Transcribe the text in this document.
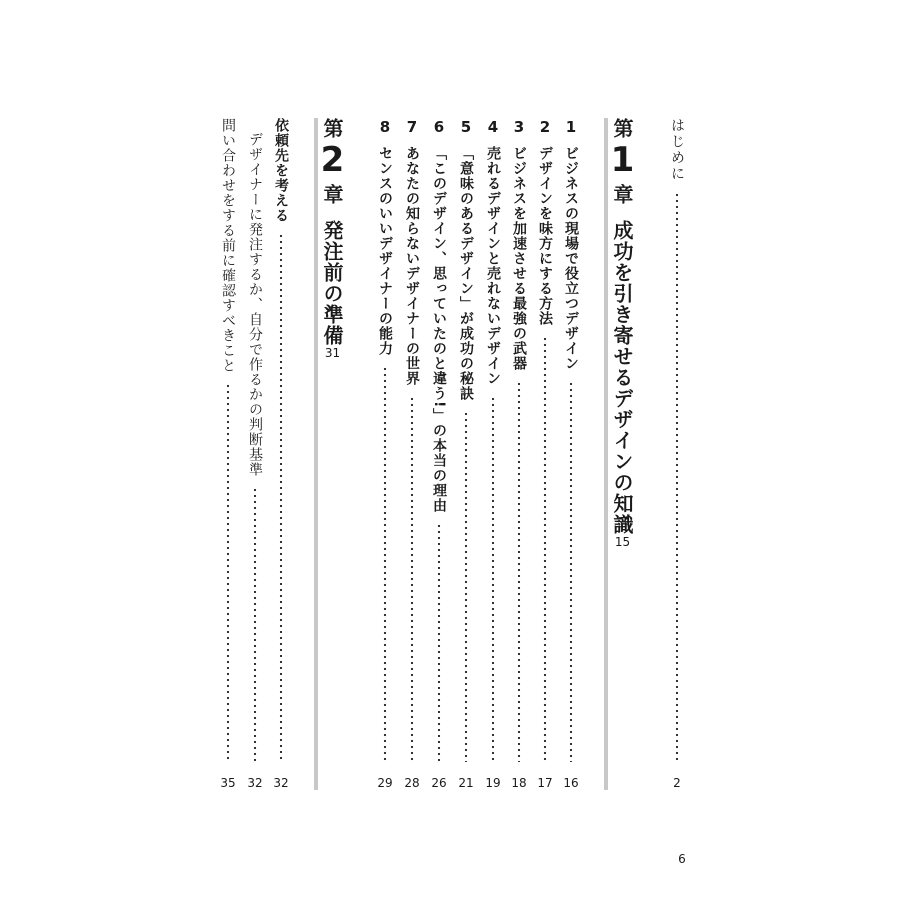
はじめに
2
第
1
章
成功を引き寄せるデザインの知識
15
1
ビジネスの現場で役立つデザイン
16
2
デザインを味方にする方法
17
3
ビジネスを加速させる最強の武器
18
4
売れるデザインと売れないデザイン
19
5
「意味のあるデザイン」が成功の秘訣
21
6
「このデザイン、思っていたのと違う!」の本当の理由
26
7
あなたの知らないデザイナーの世界
28
8
センスのいいデザイナーの能力
29
第
2
章
発注前の準備
31
依頼先を考える
32
デザイナーに発注するか、自分で作るかの判断基準
32
問い合わせをする前に確認すべきこと
35
6
